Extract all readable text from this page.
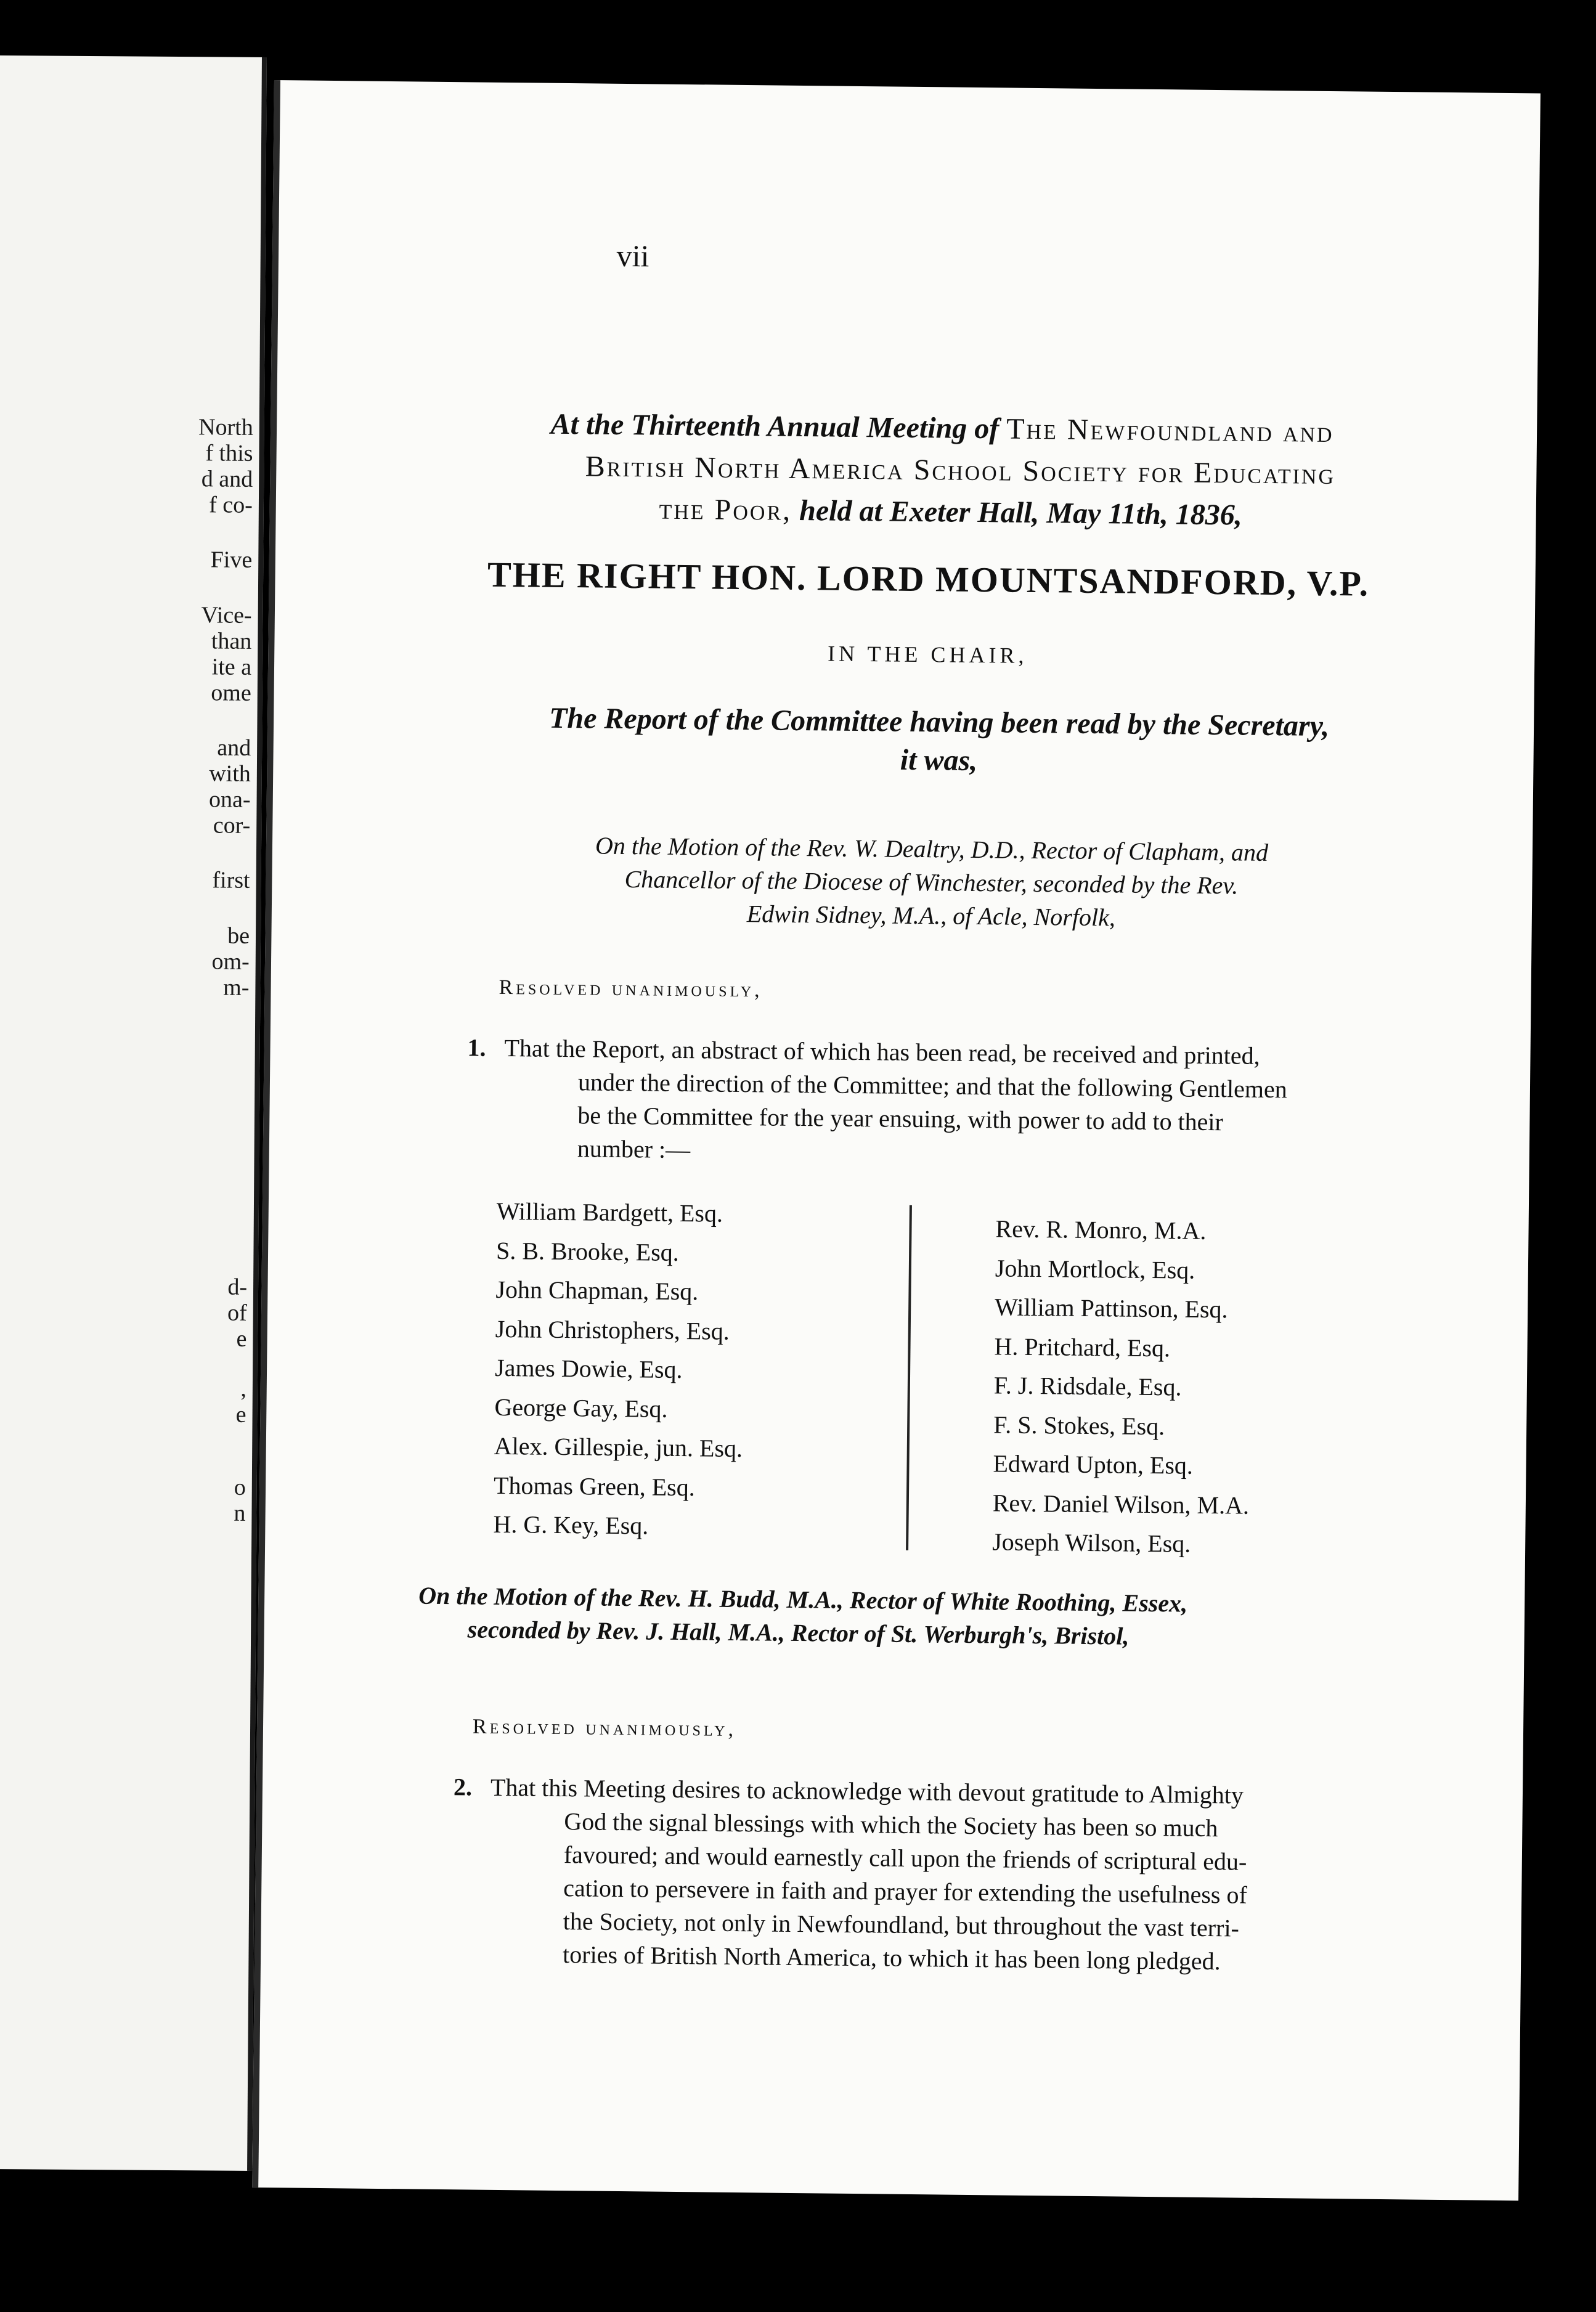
North
f this
d and
f co-
Five
Vice-
than
ite a
ome
and
with
ona-
cor-
first
be
om-
m-
d-
of
e
,
e
o
n
vii
At the Thirteenth Annual Meeting of The Newfoundland and
British North America School Society for Educating
the Poor, held at Exeter Hall, May 11th, 1836,
THE RIGHT HON. LORD MOUNTSANDFORD, V.P.
IN THE CHAIR,
The Report of the Committee having been read by the Secretary,
it was,
On the Motion of the Rev. W. Dealtry, D.D., Rector of Clapham, and
Chancellor of the Diocese of Winchester, seconded by the Rev.
Edwin Sidney, M.A., of Acle, Norfolk,
Resolved unanimously,
1. That the Report, an abstract of which has been read, be received and printed,
under the direction of the Committee; and that the following Gentlemen
be the Committee for the year ensuing, with power to add to their
number :—
William Bardgett, Esq.
S. B. Brooke, Esq.
John Chapman, Esq.
John Christophers, Esq.
James Dowie, Esq.
George Gay, Esq.
Alex. Gillespie, jun. Esq.
Thomas Green, Esq.
H. G. Key, Esq.
Rev. R. Monro, M.A.
John Mortlock, Esq.
William Pattinson, Esq.
H. Pritchard, Esq.
F. J. Ridsdale, Esq.
F. S. Stokes, Esq.
Edward Upton, Esq.
Rev. Daniel Wilson, M.A.
Joseph Wilson, Esq.
On the Motion of the Rev. H. Budd, M.A., Rector of White Roothing, Essex,
seconded by Rev. J. Hall, M.A., Rector of St. Werburgh's, Bristol,
Resolved unanimously,
2. That this Meeting desires to acknowledge with devout gratitude to Almighty
God the signal blessings with which the Society has been so much
favoured; and would earnestly call upon the friends of scriptural edu-
cation to persevere in faith and prayer for extending the usefulness of
the Society, not only in Newfoundland, but throughout the vast terri-
tories of British North America, to which it has been long pledged.
